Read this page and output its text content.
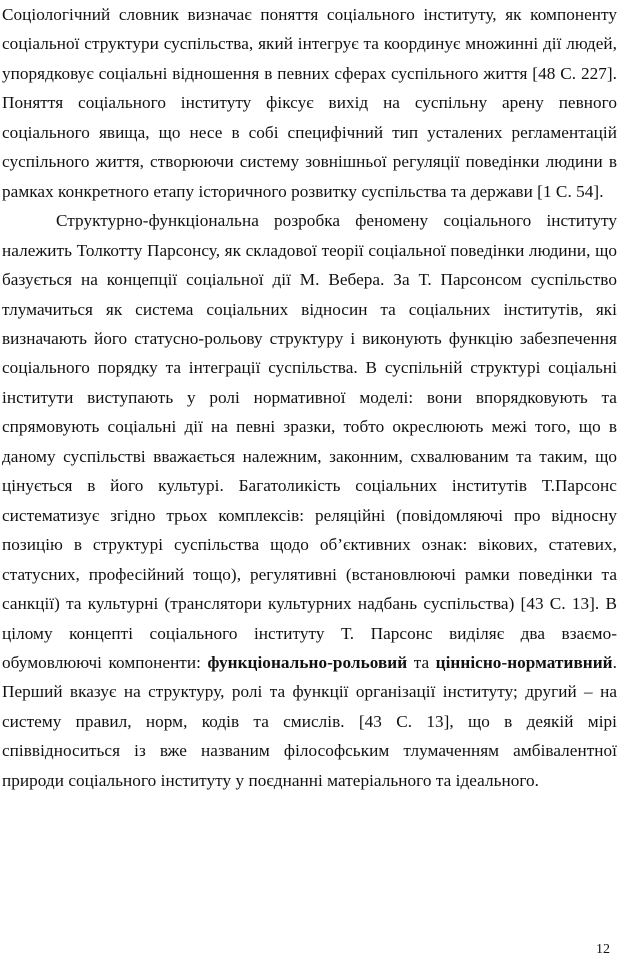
Соціологічний словник визначає поняття соціального інституту, як компоненту соціальної структури суспільства, який інтегрує та координує множинні дії людей, упорядковує соціальні відношення в певних сферах суспільного життя [48 С. 227]. Поняття соціального інституту фіксує вихід на суспільну арену певного соціального явища, що несе в собі специфічний тип усталених регламентацій суспільного життя, створюючи систему зовнішньої регуляції поведінки людини в рамках конкретного етапу історичного розвитку суспільства та держави [1 С. 54].

Структурно-функціональна розробка феномену соціального інституту належить Толкотту Парсонсу, як складової теорії соціальної поведінки людини, що базується на концепції соціальної дії М. Вебера. За Т. Парсонсом суспільство тлумачиться як система соціальних відносин та соціальних інститутів, які визначають його статусно-рольову структуру і виконують функцію забезпечення соціального порядку та інтеграції суспільства. В суспільній структурі соціальні інститути виступають у ролі нормативної моделі: вони впорядковують та спрямовують соціальні дії на певні зразки, тобто окреслюють межі того, що в даному суспільстві вважається належним, законним, схвалюваним та таким, що цінується в його культурі. Багатоликість соціальних інститутів Т.Парсонс систематизує згідно трьох комплексів: реляційні (повідомляючі про відносну позицію в структурі суспільства щодо об’єктивних ознак: вікових, статевих, статусних, професійний тощо), регулятивні (встановлюючі рамки поведінки та санкції) та культурні (транслятори культурних надбань суспільства) [43 С. 13]. В цілому концепті соціального інституту Т. Парсонс виділяє два взаємо-обумовлюючі компоненти: функціонально-рольовий та ціннісно-нормативний. Перший вказує на структуру, ролі та функції організації інституту; другий – на систему правил, норм, кодів та смислів. [43 С. 13], що в деякій мірі співвідноситься із вже названим філософським тлумаченням амбівалентної природи соціального інституту у поєднанні матеріального та ідеального.

12
